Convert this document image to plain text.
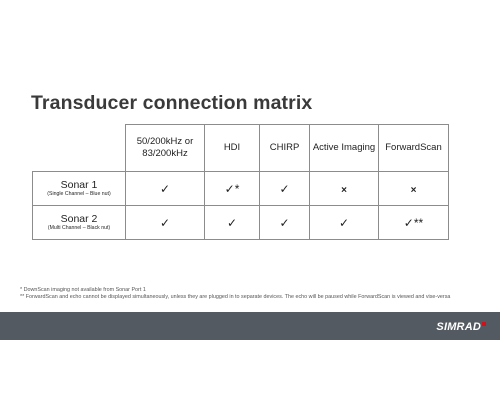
Transducer connection matrix
	50/200kHz or 83/200kHz	HDI	CHIRP	Active Imaging	ForwardScan

Sonar 1
(Single Channel – Blue nut)	✓	✓*	✓	×	×

Sonar 2
(Multi Channel – Black nut)	✓	✓	✓	✓	✓**

* DownScan imaging not available from Sonar Port 1

** ForwardScan and echo cannot be displayed simultaneously, unless they are plugged in to separate devices. The echo will be paused while ForwardScan is viewed and vise-versa

SIMRAD
